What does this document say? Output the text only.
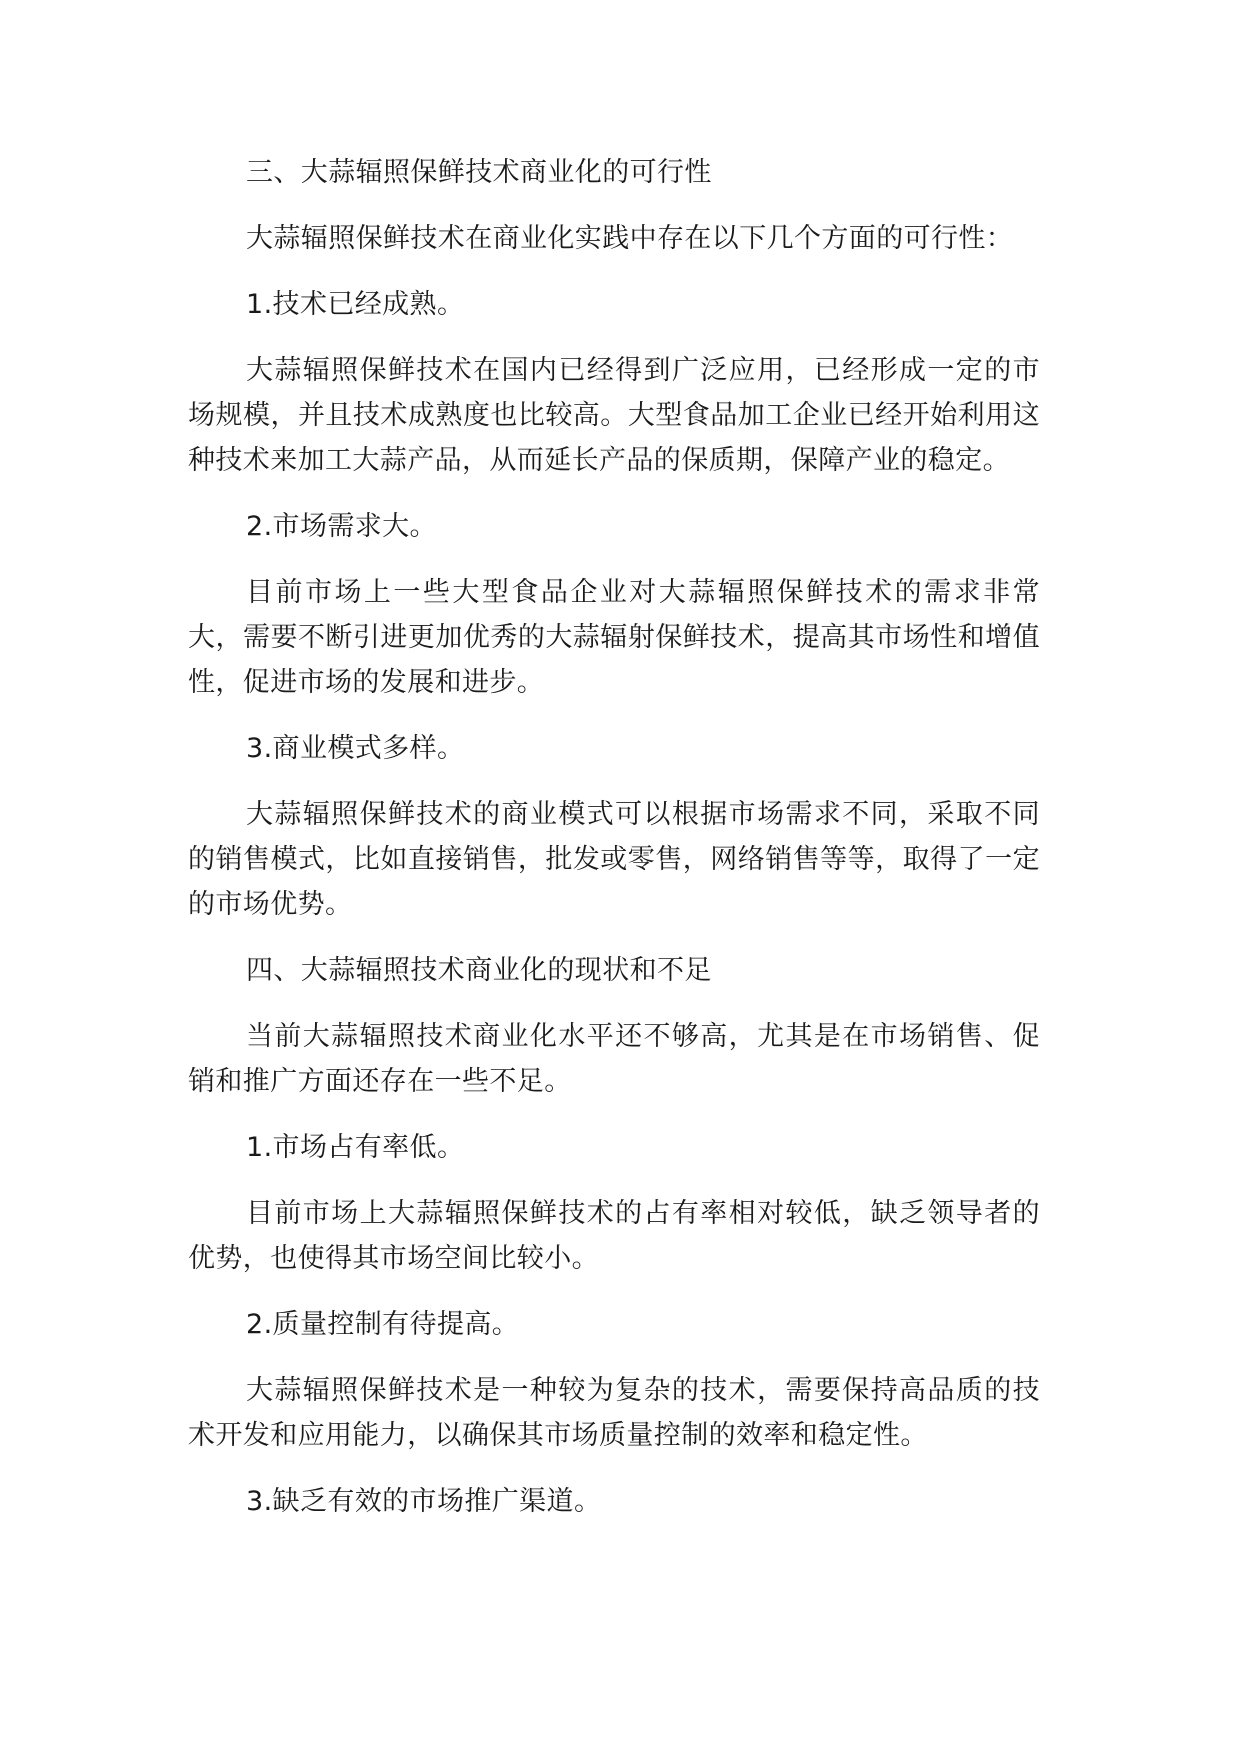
三、大蒜辐照保鲜技术商业化的可行性

大蒜辐照保鲜技术在商业化实践中存在以下几个方面的可行性：

1.技术已经成熟。

大蒜辐照保鲜技术在国内已经得到广泛应用，已经形成一定的市场规模，并且技术成熟度也比较高。大型食品加工企业已经开始利用这种技术来加工大蒜产品，从而延长产品的保质期，保障产业的稳定。

2.市场需求大。

目前市场上一些大型食品企业对大蒜辐照保鲜技术的需求非常大，需要不断引进更加优秀的大蒜辐射保鲜技术，提高其市场性和增值性，促进市场的发展和进步。

3.商业模式多样。

大蒜辐照保鲜技术的商业模式可以根据市场需求不同，采取不同的销售模式，比如直接销售，批发或零售，网络销售等等，取得了一定的市场优势。

四、大蒜辐照技术商业化的现状和不足

当前大蒜辐照技术商业化水平还不够高，尤其是在市场销售、促销和推广方面还存在一些不足。

1.市场占有率低。

目前市场上大蒜辐照保鲜技术的占有率相对较低，缺乏领导者的优势，也使得其市场空间比较小。

2.质量控制有待提高。

大蒜辐照保鲜技术是一种较为复杂的技术，需要保持高品质的技术开发和应用能力，以确保其市场质量控制的效率和稳定性。

3.缺乏有效的市场推广渠道。
